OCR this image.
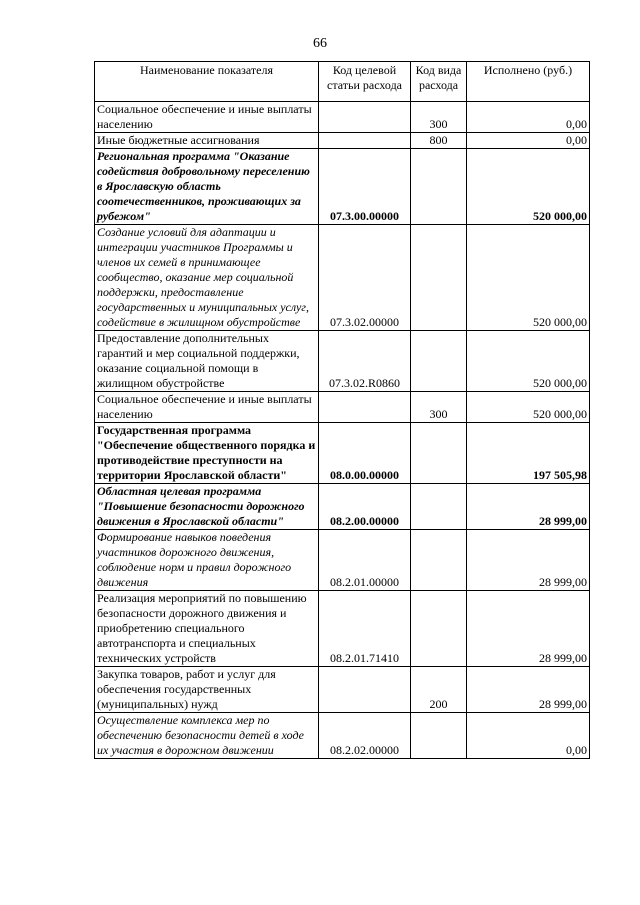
66
Наименование показателя	Код целевой статьи расхода	Код вида расхода	Исполнено (руб.)
Социальное обеспечение и иные выплаты населению		300	0,00
Иные бюджетные ассигнования		800	0,00
Региональная программа "Оказание содействия добровольному переселению в Ярославскую область соотечественников, проживающих за рубежом"	07.3.00.00000		520 000,00
Создание условий для адаптации и интеграции участников Программы и членов их семей в принимающее сообщество, оказание мер социальной поддержки, предоставление государственных и муниципальных услуг, содействие в жилищном обустройстве	07.3.02.00000		520 000,00
Предоставление дополнительных гарантий и мер социальной поддержки, оказание социальной помощи в жилищном обустройстве	07.3.02.R0860		520 000,00
Социальное обеспечение и иные выплаты населению		300	520 000,00
Государственная программа "Обеспечение общественного порядка и противодействие преступности на территории Ярославской области"	08.0.00.00000		197 505,98
Областная целевая программа "Повышение безопасности дорожного движения в Ярославской области"	08.2.00.00000		28 999,00
Формирование навыков поведения участников дорожного движения, соблюдение норм и правил дорожного движения	08.2.01.00000		28 999,00
Реализация мероприятий по повышению безопасности дорожного движения и приобретению специального автотранспорта и специальных технических устройств	08.2.01.71410		28 999,00
Закупка товаров, работ и услуг для обеспечения государственных (муниципальных) нужд		200	28 999,00
Осуществление комплекса мер по обеспечению безопасности детей в ходе их участия в дорожном движении	08.2.02.00000		0,00
